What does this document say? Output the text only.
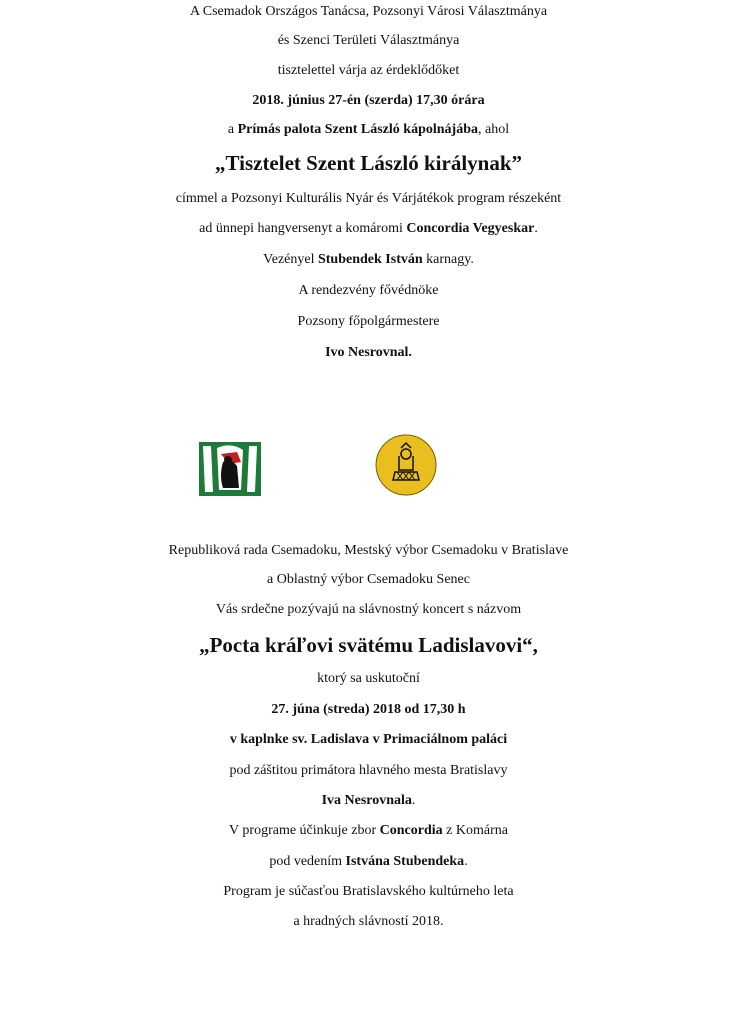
A Csemadok Országos Tanácsa, Pozsonyi Városi Választmánya
és Szenci Területi Választmánya
tisztelettel várja az érdeklődőket
2018. június 27-én (szerda) 17,30 órára
a Prímás palota Szent László kápolnájába, ahol
„Tisztelet Szent László királynak”
címmel a Pozsonyi Kulturális Nyár és Várjátékok program részeként
ad ünnepi hangversenyt a komáromi Concordia Vegyeskar.
Vezényel Stubendek István karnagy.
A rendezvény fővédnöke
Pozsony főpolgármestere
Ivo Nesrovnal.
Republiková rada Csemadoku, Mestský výbor Csemadoku v Bratislave
a Oblastný výbor Csemadoku Senec
Vás srdečne pozývajú na slávnostný koncert s názvom
„Pocta kráľovi svätému Ladislavovi“,
ktorý sa uskutoční
27. júna (streda) 2018 od 17,30 h
v kaplnke sv. Ladislava v Primaciálnom paláci
pod záštitou primátora hlavného mesta Bratislavy
Iva Nesrovnala.
V programe účinkuje zbor Concordia z Komárna
pod vedením Istvána Stubendeka.
Program je súčasťou Bratislavského kultúrneho leta
a hradných slávností 2018.
